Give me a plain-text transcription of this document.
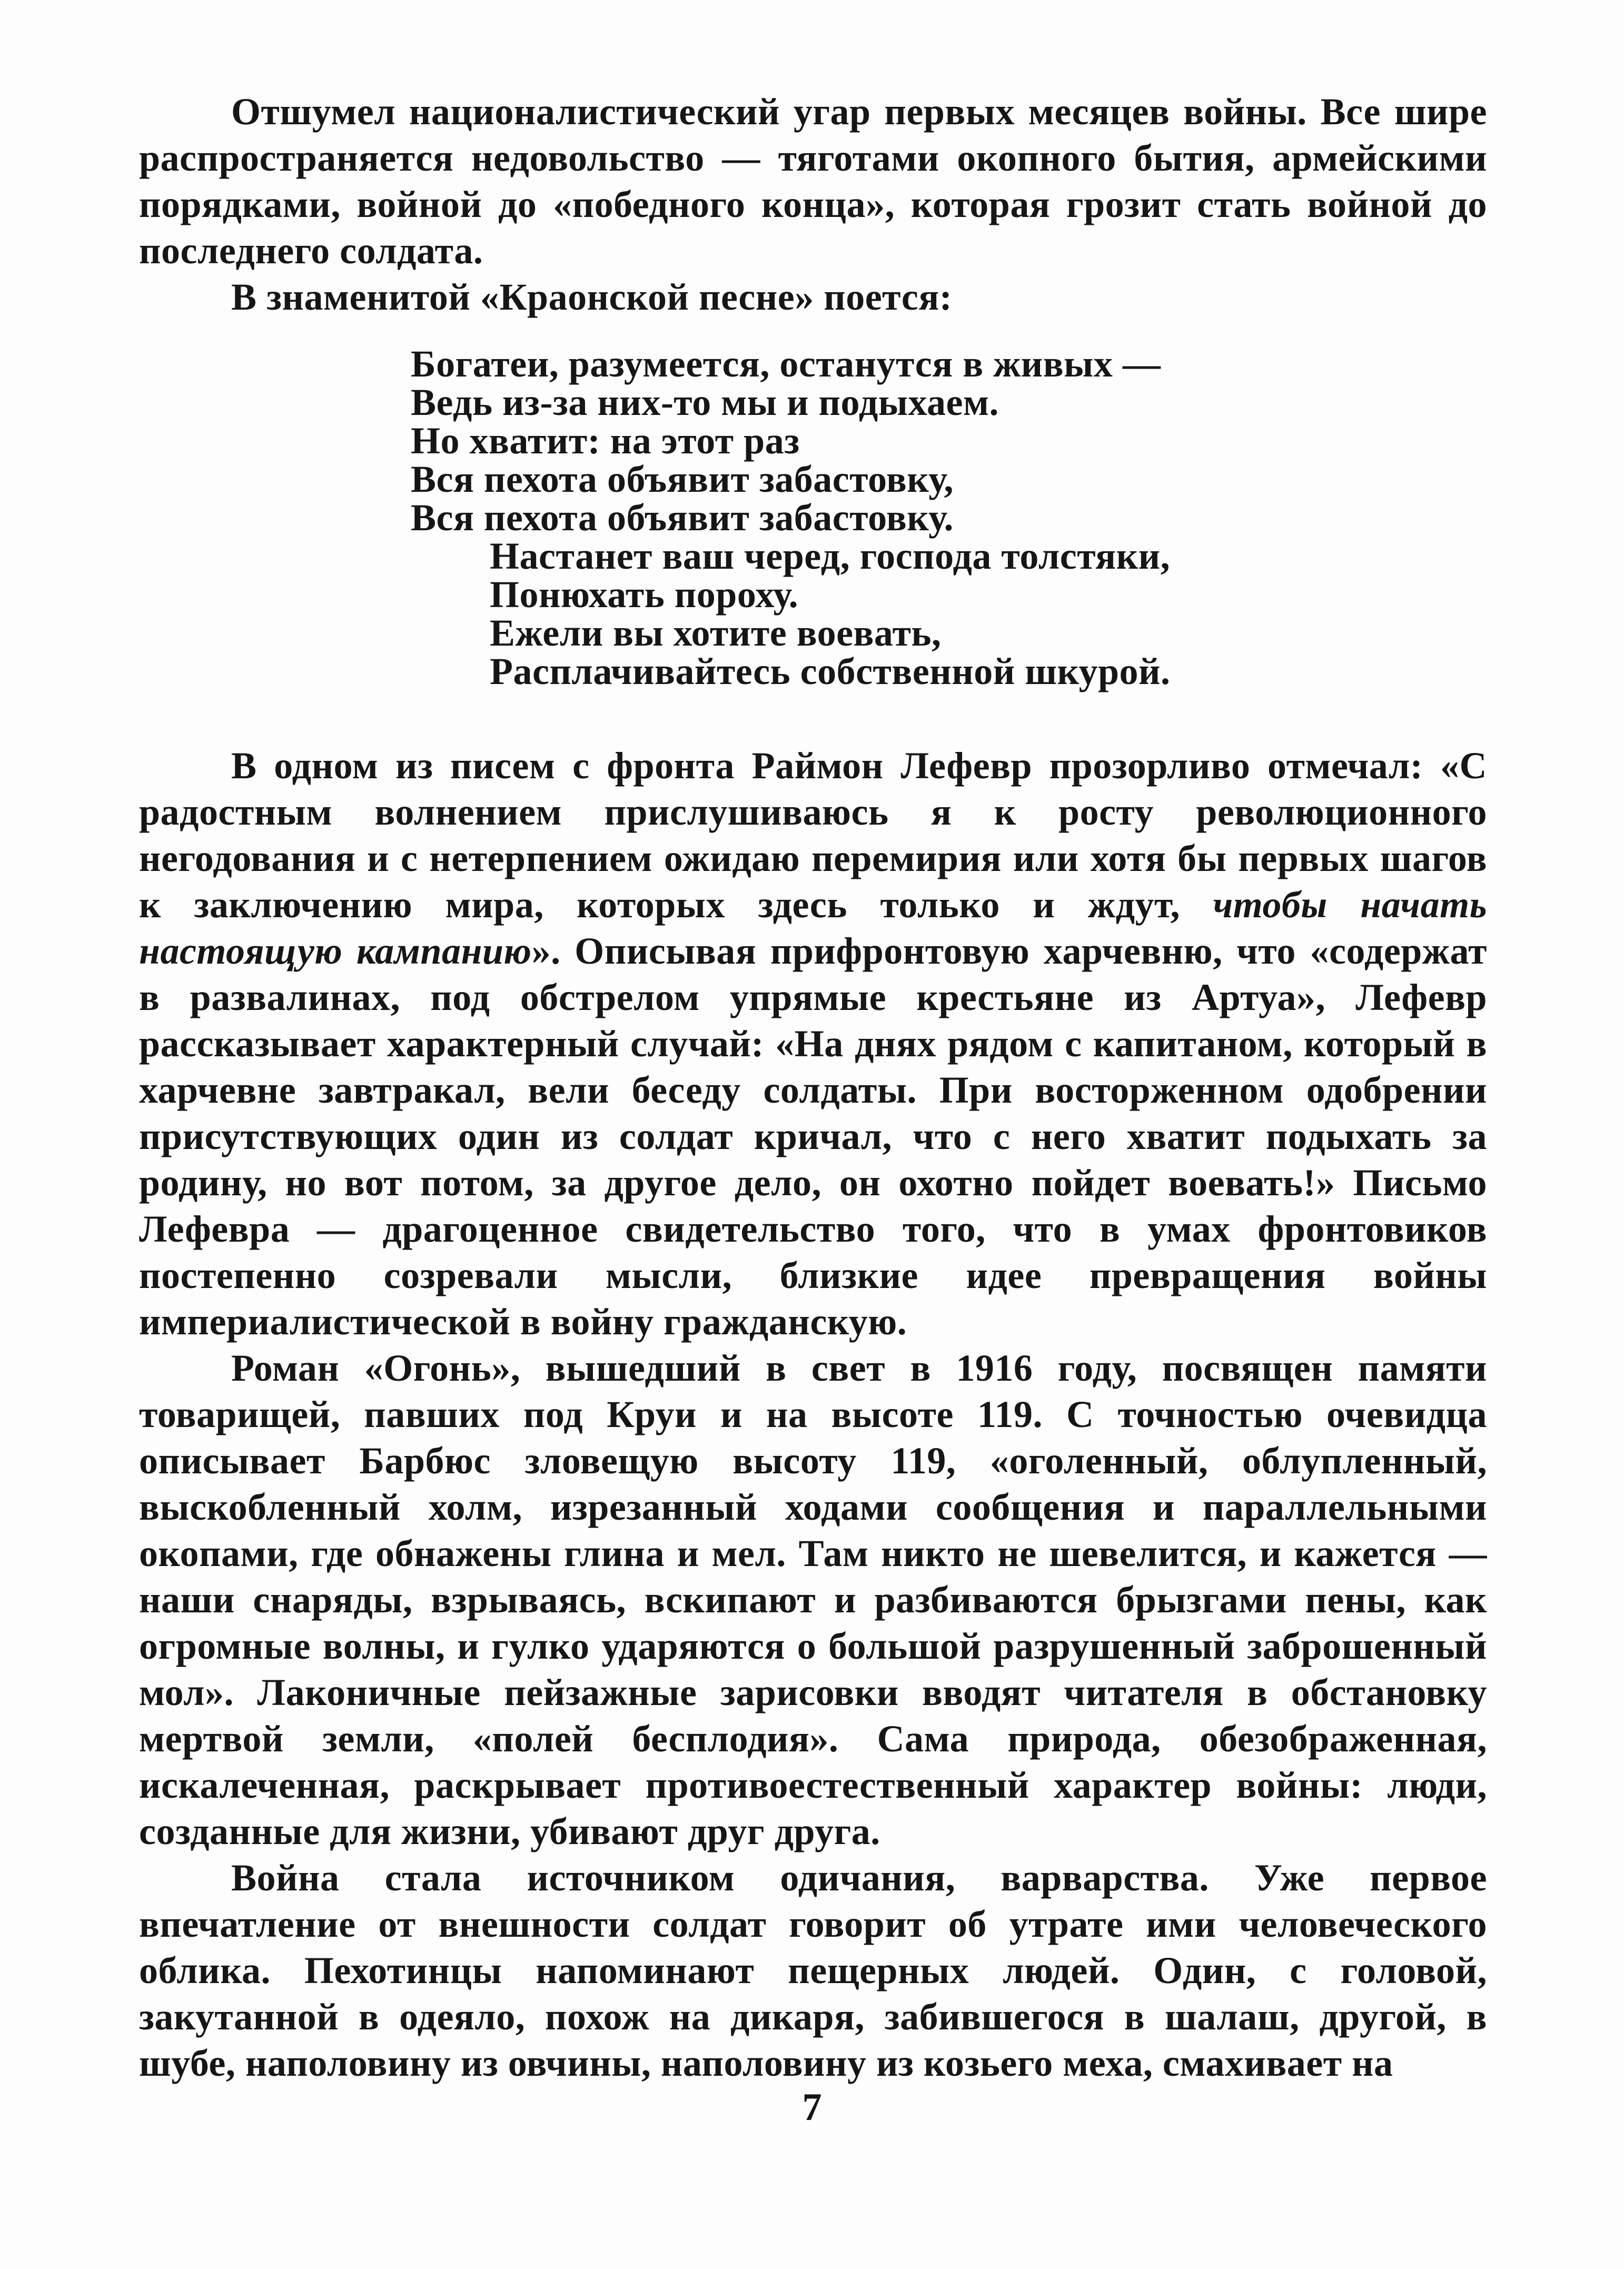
Отшумел националистический угар первых месяцев войны. Все шире распространяется недовольство — тяготами окопного бытия, армейскими порядками, войной до «победного конца», которая грозит стать войной до последнего солдата.

В знаменитой «Краонской песне» поется:

Богатеи, разумеется, останутся в живых —
Ведь из-за них-то мы и подыхаем.
Но хватит: на этот раз
Вся пехота объявит забастовку,
Вся пехота объявит забастовку.
Настанет ваш черед, господа толстяки,
Понюхать пороху.
Ежели вы хотите воевать,
Расплачивайтесь собственной шкурой.

В одном из писем с фронта Раймон Лефевр прозорливо отмечал: «С радостным волнением прислушиваюсь я к росту революционного негодования и с нетерпением ожидаю перемирия или хотя бы первых шагов к заключению мира, которых здесь только и ждут, чтобы начать настоящую кампанию». Описывая прифронтовую харчевню, что «содержат в развалинах, под обстрелом упрямые крестьяне из Артуа», Лефевр рассказывает характерный случай: «На днях рядом с капитаном, который в харчевне завтракал, вели беседу солдаты. При восторженном одобрении присутствующих один из солдат кричал, что с него хватит подыхать за родину, но вот потом, за другое дело, он охотно пойдет воевать!» Письмо Лефевра — драгоценное свидетельство того, что в умах фронтовиков постепенно созревали мысли, близкие идее превращения войны империалистической в войну гражданскую.

Роман «Огонь», вышедший в свет в 1916 году, посвящен памяти товарищей, павших под Круи и на высоте 119. С точностью очевидца описывает Барбюс зловещую высоту 119, «оголенный, облупленный, выскобленный холм, изрезанный ходами сообщения и параллельными окопами, где обнажены глина и мел. Там никто не шевелится, и кажется — наши снаряды, взрываясь, вскипают и разбиваются брызгами пены, как огромные волны, и гулко ударяются о большой разрушенный заброшенный мол». Лаконичные пейзажные зарисовки вводят читателя в обстановку мертвой земли, «полей бесплодия». Сама природа, обезображенная, искалеченная, раскрывает противоестественный характер войны: люди, созданные для жизни, убивают друг друга.

Война стала источником одичания, варварства. Уже первое впечатление от внешности солдат говорит об утрате ими человеческого облика. Пехотинцы напоминают пещерных людей. Один, с головой, закутанной в одеяло, похож на дикаря, забившегося в шалаш, другой, в шубе, наполовину из овчины, наполовину из козьего меха, смахивает на

7
